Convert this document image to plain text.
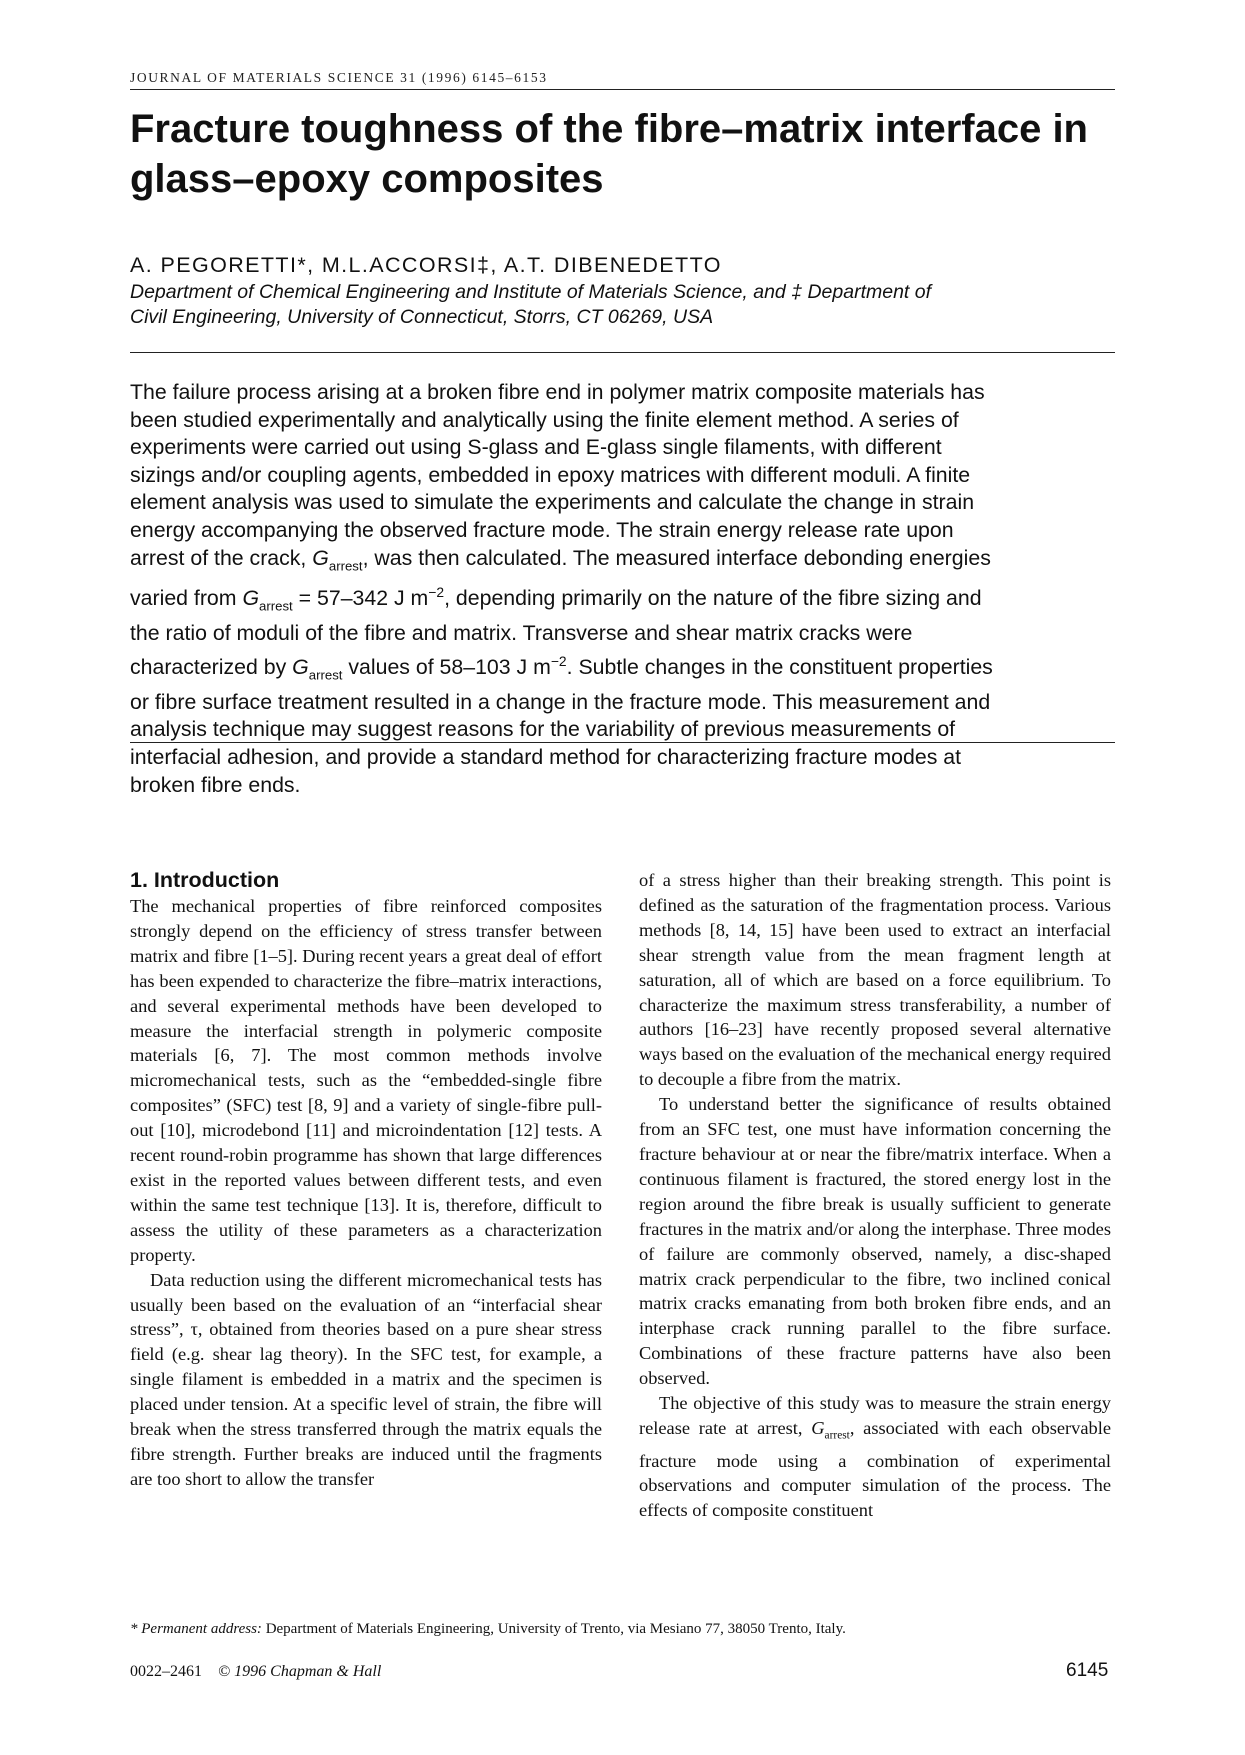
JOURNAL OF MATERIALS SCIENCE 31 (1996) 6145–6153
Fracture toughness of the fibre–matrix interface in
glass–epoxy composites
A. PEGORETTI*, M.L.ACCORSI‡, A.T. DIBENEDETTO
Department of Chemical Engineering and Institute of Materials Science, and ‡ Department of
Civil Engineering, University of Connecticut, Storrs, CT 06269, USA
The failure process arising at a broken fibre end in polymer matrix composite materials has
been studied experimentally and analytically using the finite element method. A series of
experiments were carried out using S-glass and E-glass single filaments, with different
sizings and/or coupling agents, embedded in epoxy matrices with different moduli. A finite
element analysis was used to simulate the experiments and calculate the change in strain
energy accompanying the observed fracture mode. The strain energy release rate upon
arrest of the crack, $G_{arrest}$, was then calculated. The measured interface debonding energies
varied from $G_{arrest} = 57-342$ J $m^{-2}$, depending primarily on the nature of the fibre sizing and
the ratio of moduli of the fibre and matrix. Transverse and shear matrix cracks were
characterized by $G_{arrest}$ values of 58–103 J $m^{-2}$. Subtle changes in the constituent properties
or fibre surface treatment resulted in a change in the fracture mode. This measurement and
analysis technique may suggest reasons for the variability of previous measurements of
interfacial adhesion, and provide a standard method for characterizing fracture modes at
broken fibre ends.
1. Introduction

The mechanical properties of fibre reinforced composites strongly depend on the efficiency of stress transfer between matrix and fibre [1–5]. During recent years a great deal of effort has been expended to characterize the fibre–matrix interactions, and several experimental methods have been developed to measure the interfacial strength in polymeric composite materials [6, 7]. The most common methods involve micromechanical tests, such as the “embedded-single fibre composites” (SFC) test [8, 9] and a variety of single-fibre pull-out [10], microdebond [11] and microindentation [12] tests. A recent round-robin programme has shown that large differences exist in the reported values between different tests, and even within the same test technique [13]. It is, therefore, difficult to assess the utility of these parameters as a characterization property.

Data reduction using the different micromechanical tests has usually been based on the evaluation of an “interfacial shear stress”, τ, obtained from theories based on a pure shear stress field (e.g. shear lag theory). In the SFC test, for example, a single filament is embedded in a matrix and the specimen is placed under tension. At a specific level of strain, the fibre will break when the stress transferred through the matrix equals the fibre strength. Further breaks are induced until the fragments are too short to allow the transfer

of a stress higher than their breaking strength. This point is defined as the saturation of the fragmentation process. Various methods [8, 14, 15] have been used to extract an interfacial shear strength value from the mean fragment length at saturation, all of which are based on a force equilibrium. To characterize the maximum stress transferability, a number of authors [16–23] have recently proposed several alternative ways based on the evaluation of the mechanical energy required to decouple a fibre from the matrix.

To understand better the significance of results obtained from an SFC test, one must have information concerning the fracture behaviour at or near the fibre/matrix interface. When a continuous filament is fractured, the stored energy lost in the region around the fibre break is usually sufficient to generate fractures in the matrix and/or along the interphase. Three modes of failure are commonly observed, namely, a disc-shaped matrix crack perpendicular to the fibre, two inclined conical matrix cracks emanating from both broken fibre ends, and an interphase crack running parallel to the fibre surface. Combinations of these fracture patterns have also been observed.

The objective of this study was to measure the strain energy release rate at arrest, $G_{arrest}$, associated with each observable fracture mode using a combination of experimental observations and computer simulation of the process. The effects of composite constituent

* Permanent address: Department of Materials Engineering, University of Trento, via Mesiano 77, 38050 Trento, Italy.
0022–2461 © 1996 Chapman & Hall	6145
